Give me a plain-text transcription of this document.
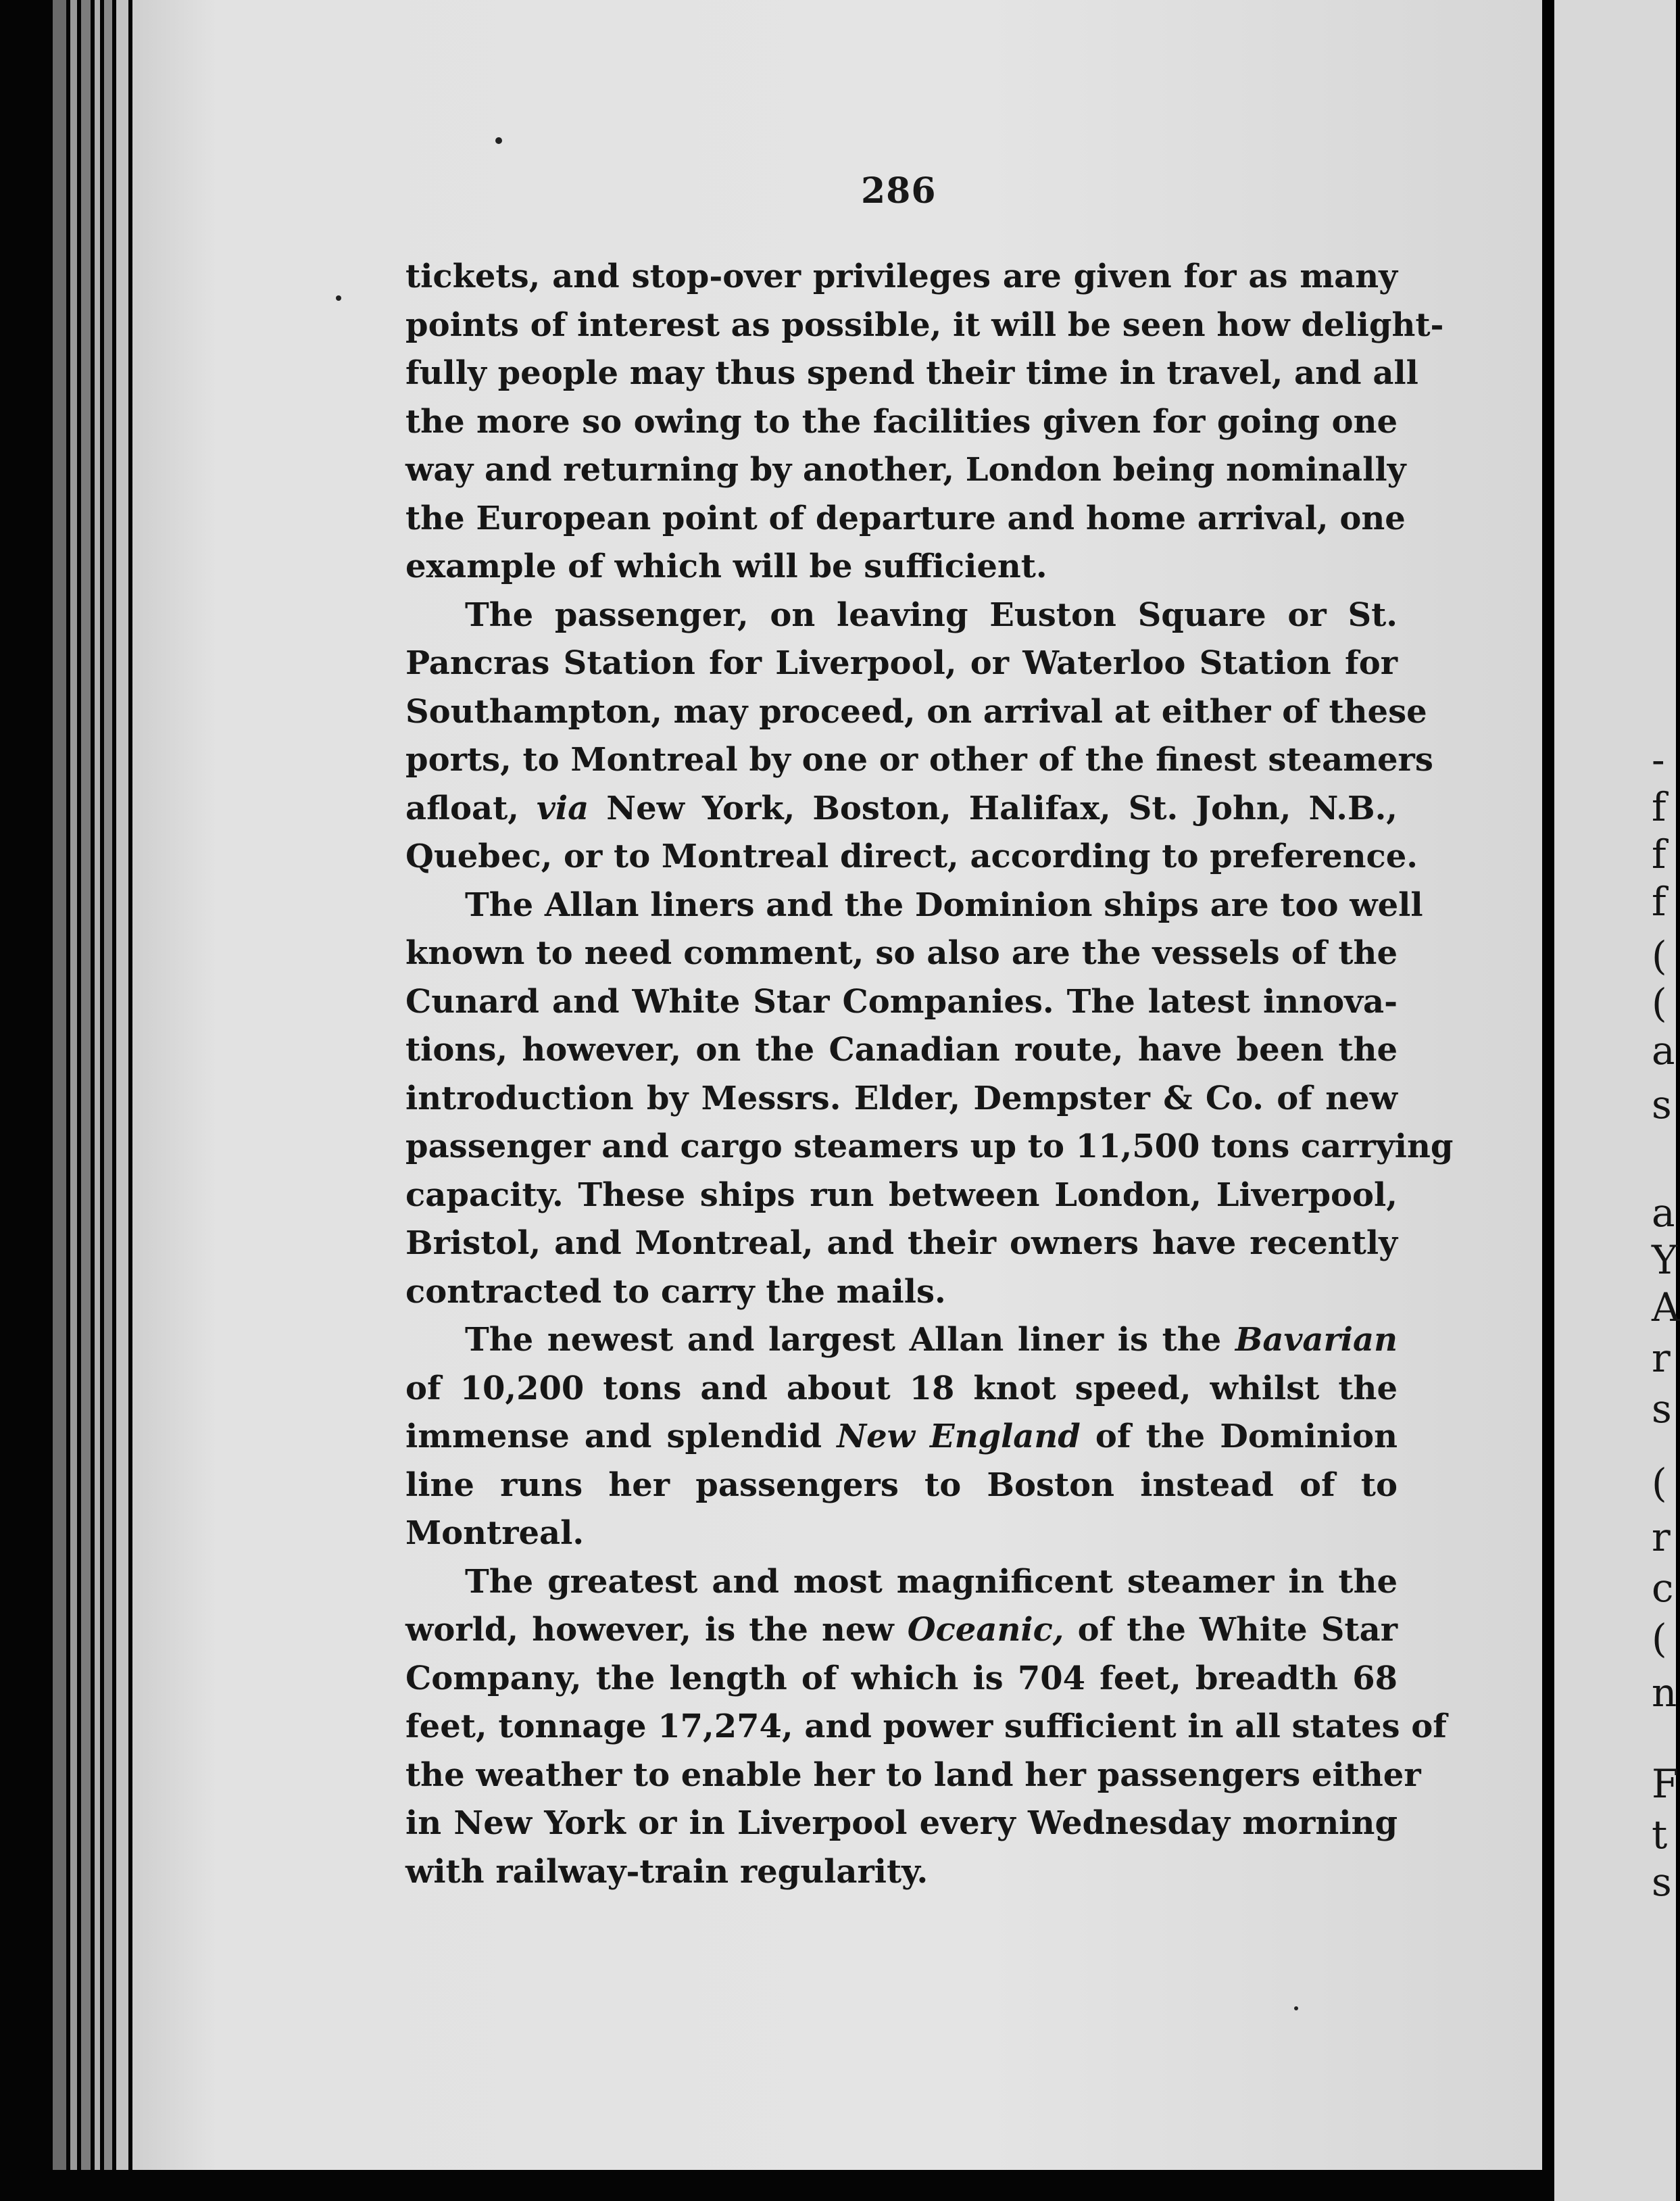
286
tickets, and stop-over privileges are given for as many
points of interest as possible, it will be seen how delight-
fully people may thus spend their time in travel, and all
the more so owing to the facilities given for going one
way and returning by another, London being nominally
the European point of departure and home arrival, one
example of which will be sufficient.
The passenger, on leaving Euston Square or St.
Pancras Station for Liverpool, or Waterloo Station for
Southampton, may proceed, on arrival at either of these
ports, to Montreal by one or other of the finest steamers
afloat, via New York, Boston, Halifax, St. John, N.B.,
Quebec, or to Montreal direct, according to preference.
The Allan liners and the Dominion ships are too well
known to need comment, so also are the vessels of the
Cunard and White Star Companies. The latest innova-
tions, however, on the Canadian route, have been the
introduction by Messrs. Elder, Dempster & Co. of new
passenger and cargo steamers up to 11,500 tons carrying
capacity. These ships run between London, Liverpool,
Bristol, and Montreal, and their owners have recently
contracted to carry the mails.
The newest and largest Allan liner is the Bavarian
of 10,200 tons and about 18 knot speed, whilst the
immense and splendid New England of the Dominion
line runs her passengers to Boston instead of to
Montreal.
The greatest and most magnificent steamer in the
world, however, is the new Oceanic, of the White Star
Company, the length of which is 704 feet, breadth 68
feet, tonnage 17,274, and power sufficient in all states of
the weather to enable her to land her passengers either
in New York or in Liverpool every Wednesday morning
with railway-train regularity.
-
f
f
f
(
(
a
s
a
Y
A
r
s
(
r
c
(
n
F
t
s
